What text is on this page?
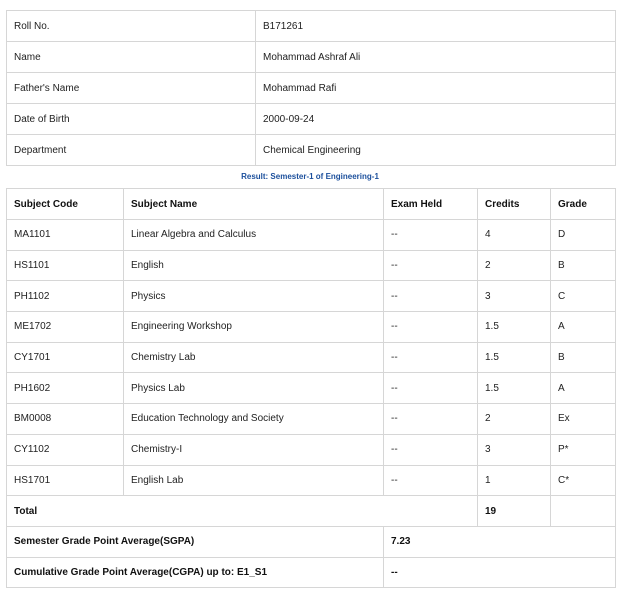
Roll No.	B171261
Name	Mohammad Ashraf Ali
Father's Name	Mohammad Rafi
Date of Birth	2000-09-24
Department	Chemical Engineering
Result: Semester-1 of Engineering-1
Subject Code	Subject Name	Exam Held	Credits	Grade
MA1101	Linear Algebra and Calculus	--	4	D
HS1101	English	--	2	B
PH1102	Physics	--	3	C
ME1702	Engineering Workshop	--	1.5	A
CY1701	Chemistry Lab	--	1.5	B
PH1602	Physics Lab	--	1.5	A
BM0008	Education Technology and Society	--	2	Ex
CY1102	Chemistry-I	--	3	P*
HS1701	English Lab	--	1	C*
Total			19	
Semester Grade Point Average(SGPA)		7.23		
Cumulative Grade Point Average(CGPA) up to: E1_S1		--		
